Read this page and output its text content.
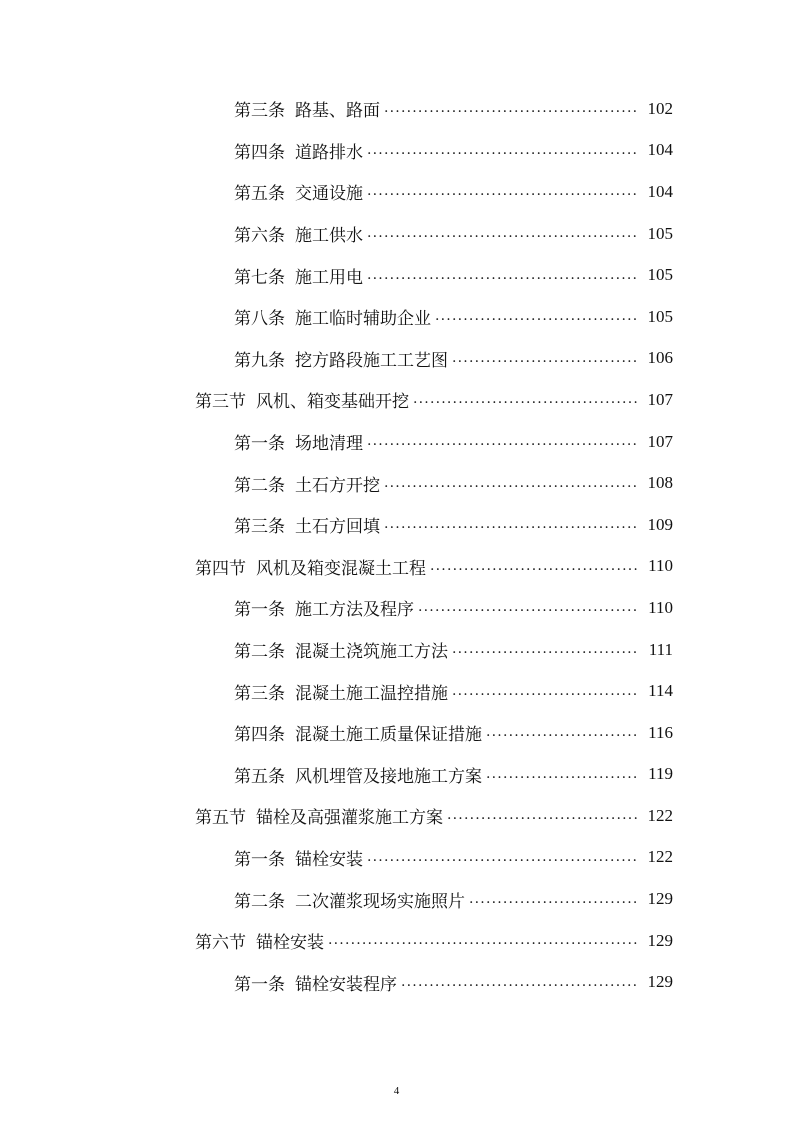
第三条 路基、路面 .....	102
第四条 道路排水 .....	104
第五条 交通设施 .....	104
第六条 施工供水 .....	105
第七条 施工用电 .....	105
第八条 施工临时辅助企业 .....	105
第九条 挖方路段施工工艺图 .....	106
第三节 风机、箱变基础开挖 .....	107
第一条 场地清理 .....	107
第二条 土石方开挖 .....	108
第三条 土石方回填 .....	109
第四节 风机及箱变混凝土工程 .....	110
第一条 施工方法及程序 .....	110
第二条 混凝土浇筑施工方法 .....	111
第三条 混凝土施工温控措施 .....	114
第四条 混凝土施工质量保证措施 .....	116
第五条 风机埋管及接地施工方案 .....	119
第五节 锚栓及高强灌浆施工方案 .....	122
第一条 锚栓安装 .....	122
第二条 二次灌浆现场实施照片 .....	129
第六节 锚栓安装 .....	129
第一条 锚栓安装程序 .....	129
4
